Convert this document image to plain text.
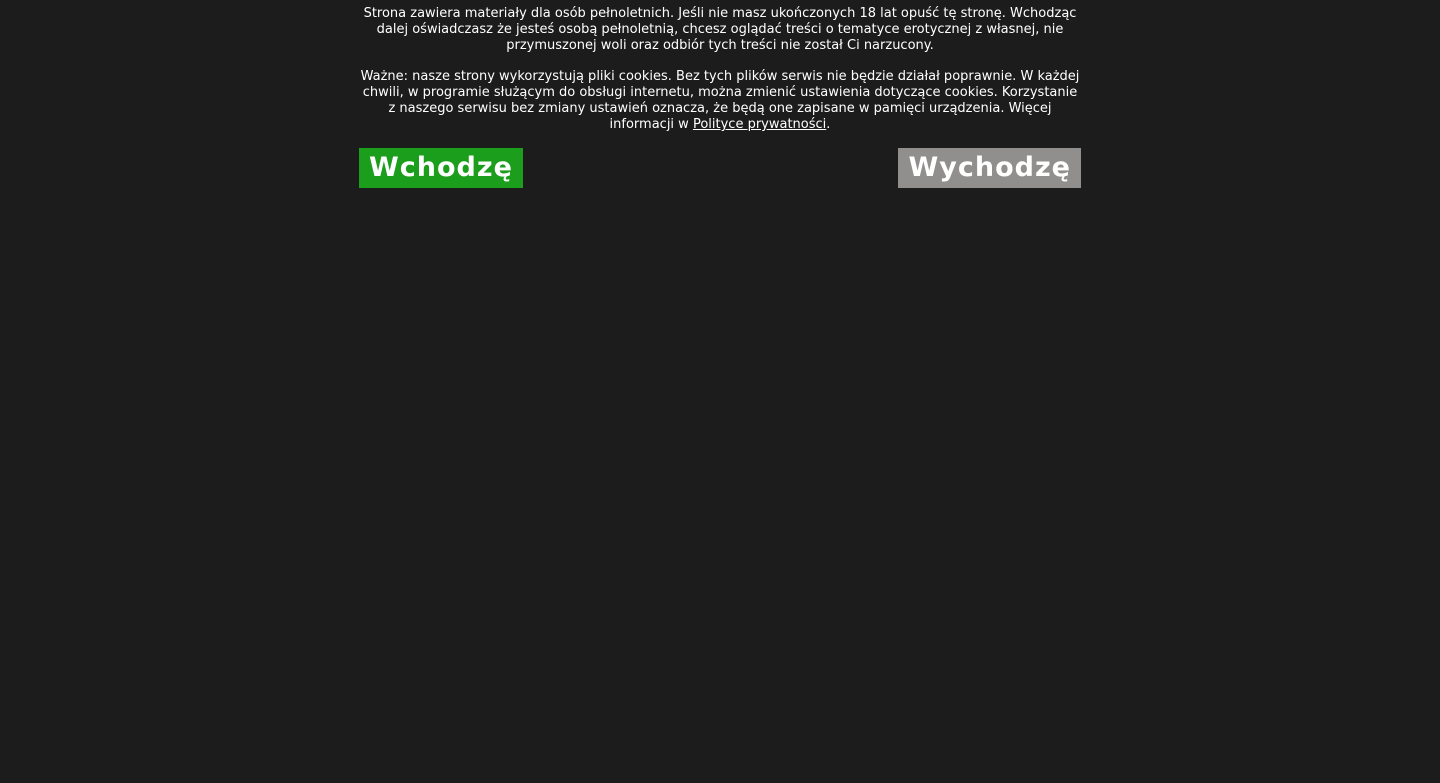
Strona zawiera materiały dla osób pełnoletnich. Jeśli nie masz ukończonych 18 lat opuść tę stronę. Wchodząc dalej oświadczasz że jesteś osobą pełnoletnią, chcesz oglądać treści o tematyce erotycznej z własnej, nie przymuszonej woli oraz odbiór tych treści nie został Ci narzucony.

Ważne: nasze strony wykorzystują pliki cookies. Bez tych plików serwis nie będzie działał poprawnie. W każdej chwili, w programie służącym do obsługi internetu, można zmienić ustawienia dotyczące cookies. Korzystanie z naszego serwisu bez zmiany ustawień oznacza, że będą one zapisane w pamięci urządzenia. Więcej informacji w Polityce prywatności.

Wchodzę	Wychodzę
